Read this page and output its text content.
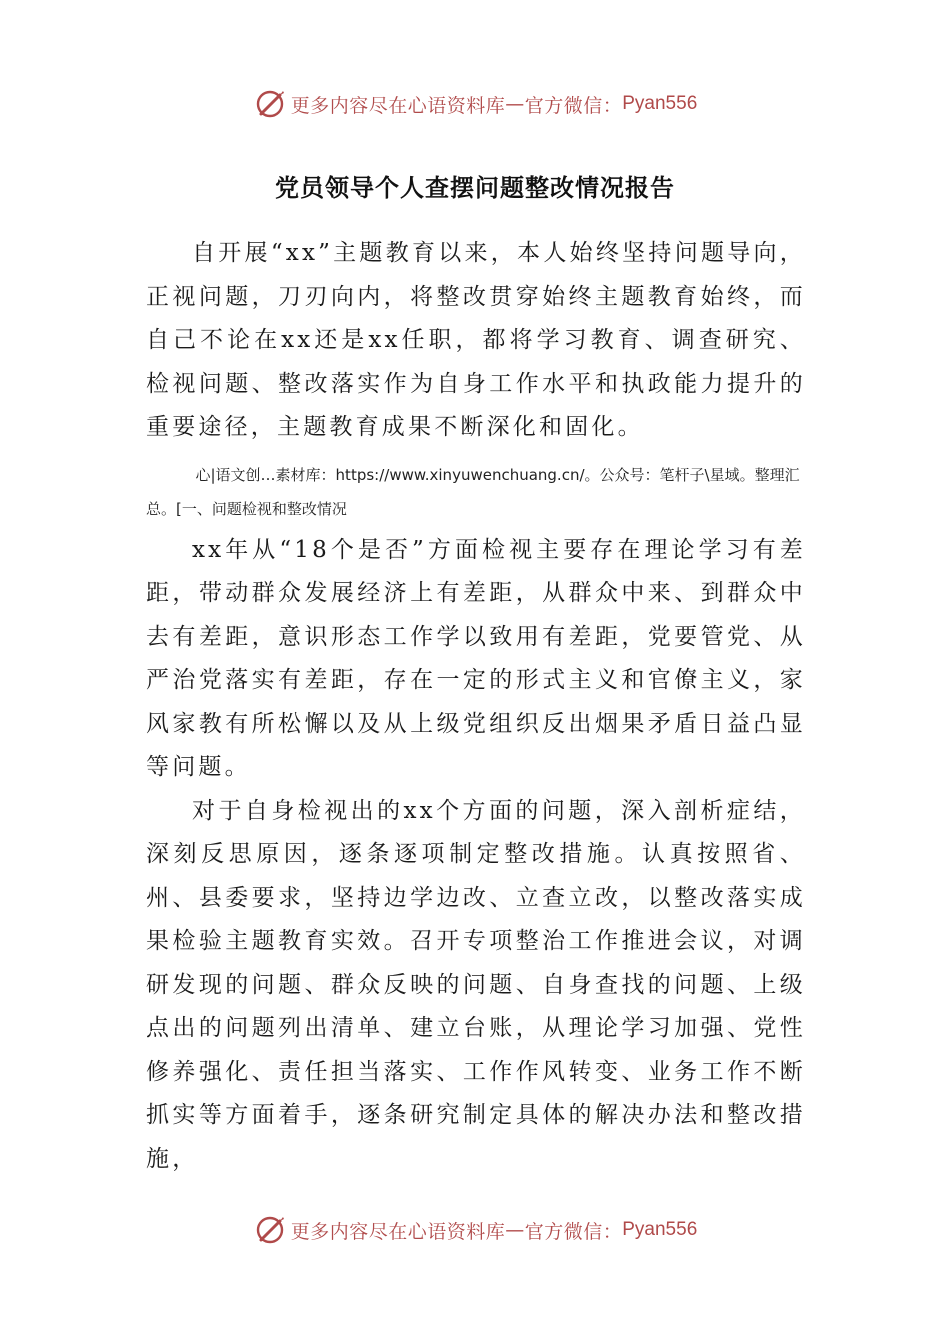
更多内容尽在心语资料库 — 官方微信： Pyan556
党员领导个人查摆问题整改情况报告

自开展“xx”主题教育以来，本人始终坚持问题导向，正视问题，刀刃向内，将整改贯穿始终主题教育始终，而自己不论在xx还是xx任职，都将学习教育、调查研究、检视问题、整改落实作为自身工作水平和执政能力提升的重要途径，主题教育成果不断深化和固化。

心|语文创…素材库：https://www.xinyuwenchuang.cn/。公众号：笔杆子\星域。整理汇总。[一、问题检视和整改情况

xx年从“18个是否”方面检视主要存在理论学习有差距，带动群众发展经济上有差距，从群众中来、到群众中去有差距，意识形态工作学以致用有差距，党要管党、从严治党落实有差距，存在一定的形式主义和官僚主义，家风家教有所松懈以及从上级党组织反出烟果矛盾日益凸显等问题。

对于自身检视出的xx个方面的问题，深入剖析症结，深刻反思原因，逐条逐项制定整改措施。认真按照省、州、县委要求，坚持边学边改、立查立改，以整改落实成果检验主题教育实效。召开专项整治工作推进会议，对调研发现的问题、群众反映的问题、自身查找的问题、上级点出的问题列出清单、建立台账，从理论学习加强、党性修养强化、责任担当落实、工作作风转变、业务工作不断抓实等方面着手，逐条研究制定具体的解决办法和整改措施，

更多内容尽在心语资料库 — 官方微信： Pyan556
